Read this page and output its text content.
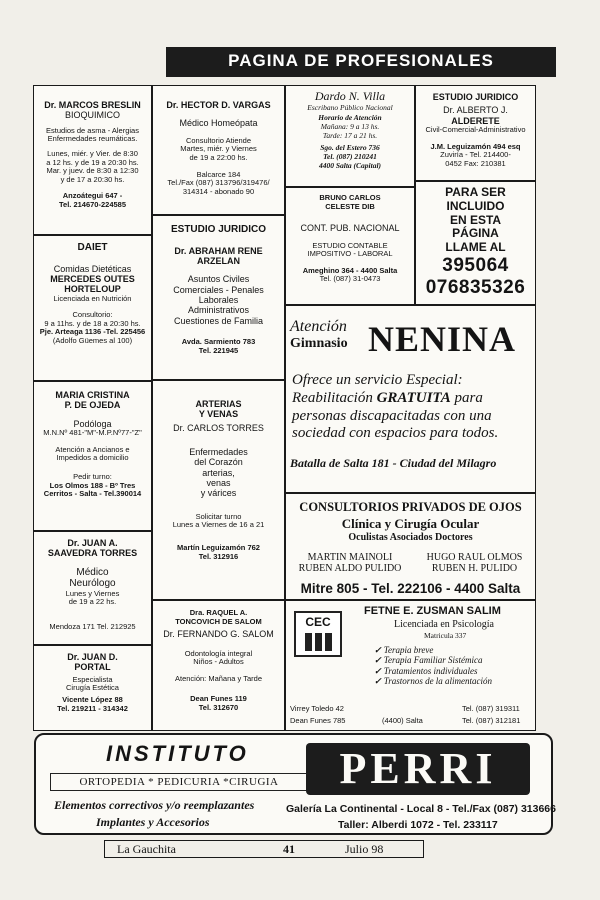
PAGINA DE PROFESIONALES
Dr. MARCOS BRESLIN
BIOQUIMICO
Estudios de asma - Alergias Enfermedades reumáticas.
Lunes, miér. y Vier. de 8:30
a 12 hs. y de 19 a 20:30 hs.
Mar. y juev. de 8:30 a 12:30
y de 17 a 20:30 hs.
Anzoátegui 647 -
Tel. 214670-224585
DAIET
Comidas Dietéticas
MERCEDES OUTES
HORTELOUP
Licenciada en Nutrición
Consultorio:
9 a 11hs. y de 18 a 20:30 hs.
Pje. Arteaga 1136 -Tel. 225456
(Adolfo Güemes al 100)
MARIA CRISTINA
P. DE OJEDA
Podóloga
M.N.Nº 481-"M"-M.P.Nº77-"Z"
Atención a Ancianos e
Impedidos a domicilio
Pedir turno:
Los Olmos 188 - Bº Tres
Cerritos - Salta - Tel.390014
Dr. JUAN A.
SAAVEDRA TORRES
Médico
Neurólogo
Lunes y Viernes
de 19 a 22 hs.
Mendoza 171 Tel. 212925
Dr. JUAN D.
PORTAL
Especialista
Cirugía Estética
Vicente López 88
Tel. 219211 - 314342
Dr. HECTOR D. VARGAS
Médico Homeópata
Consultorio Atiende
Martes, miér. y Viernes
de 19 a 22:00 hs.
Balcarce 184
Tel./Fax (087) 313796/319476/
314314 - abonado 90
ESTUDIO JURIDICO
Dr. ABRAHAM RENE
ARZELAN
Asuntos Civiles
Comerciales - Penales
Laborales
Administrativos
Cuestiones de Familia
Avda. Sarmiento 783
Tel. 221945
ARTERIAS
Y VENAS
Dr. CARLOS TORRES
Enfermedades
del Corazón
arterias,
venas
y várices
Solicitar turno
Lunes a Viernes de 16 a 21
Martín Leguizamón 762
Tel. 312916
Dra. RAQUEL A.
TONCOVICH DE SALOM
Dr. FERNANDO G. SALOM
Odontología integral
Niños - Adultos
Atención: Mañana y Tarde
Dean Funes 119
Tel. 312670
Dardo N. Villa
Escribano Público Nacional
Horario de Atención
Mañana: 9 a 13 hs.
Tarde: 17 a 21 hs.
Sgo. del Estero 736
Tel. (087) 210241
4400 Salta (Capital)
BRUNO CARLOS
CELESTE DIB
CONT. PUB. NACIONAL
ESTUDIO CONTABLE
IMPOSITIVO - LABORAL
Ameghino 364 - 4400 Salta
Tel. (087) 31-0473
ESTUDIO JURIDICO
Dr. ALBERTO J.
ALDERETE
Civil-Comercial-Administrativo
J.M. Leguizamón 494 esq
Zuviría - Tel. 214400-
0452 Fax: 210381
PARA SER
INCLUIDO
EN ESTA
PÁGINA
LLAME AL
395064
076835326
Atención
Gimnasio NENINA
Ofrece un servicio Especial:
Reabilitación GRATUITA para
personas discapacitadas con una
sociedad con espacios para todos.
Batalla de Salta 181 - Ciudad del Milagro
CONSULTORIOS PRIVADOS DE OJOS
Clínica y Cirugía Ocular
Oculistas Asociados Doctores
MARTIN MAINOLI
RUBEN ALDO PULIDO
HUGO RAUL OLMOS
RUBEN H. PULIDO
Mitre 805 - Tel. 222106 - 4400 Salta
CEC
FETNE E. ZUSMAN SALIM
Licenciada en Psicología
Matricula 337
✓ Terapia breve
✓ Terapia Familiar Sistémica
✓ Tratamientos individuales
✓ Trastornos de la alimentación
Virrey Toledo 42	Tel. (087) 319311
Dean Funes 785	(4400) Salta	Tel. (087) 312181
INSTITUTO
ORTOPEDIA * PEDICURIA *CIRUGIA
Elementos correctivos y/o reemplazantes
Implantes y Accesorios
PERRI
Galería La Continental - Local 8 - Tel./Fax (087) 313666
Taller: Alberdi 1072 - Tel. 233117
La Gauchita	41	Julio 98
